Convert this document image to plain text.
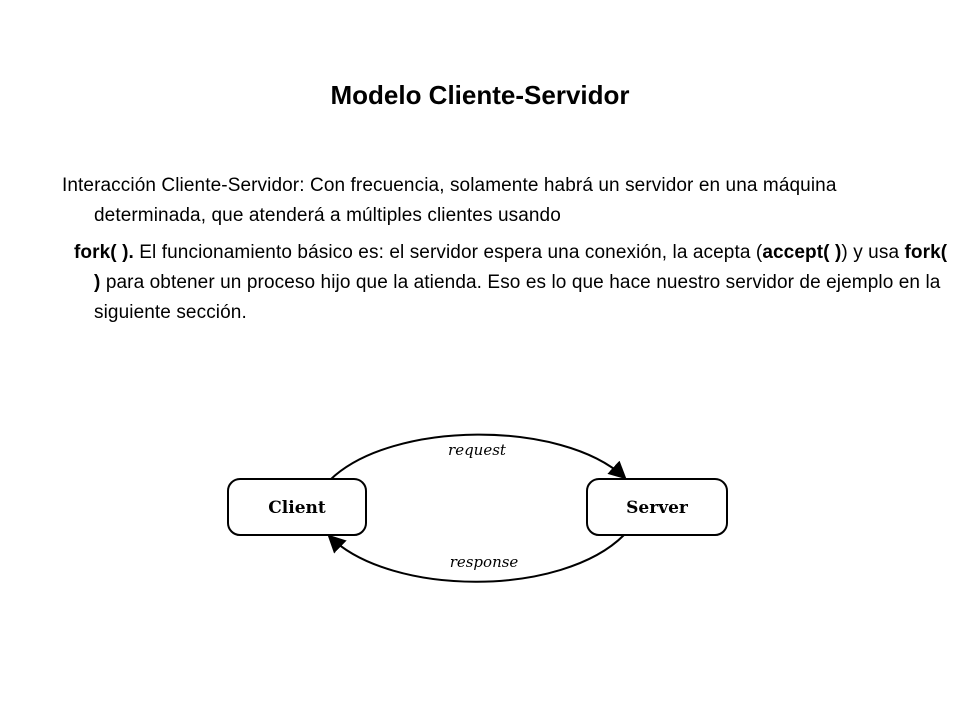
Modelo Cliente-Servidor

Interacción Cliente-Servidor: Con frecuencia, solamente habrá un servidor en una máquina determinada, que atenderá a múltiples clientes usando

fork( ). El funcionamiento básico es: el servidor espera una conexión, la acepta (accept( )) y usa fork( ) para obtener un proceso hijo que la atienda. Eso es lo que hace nuestro servidor de ejemplo en la siguiente sección.

Client	Server
request
response
